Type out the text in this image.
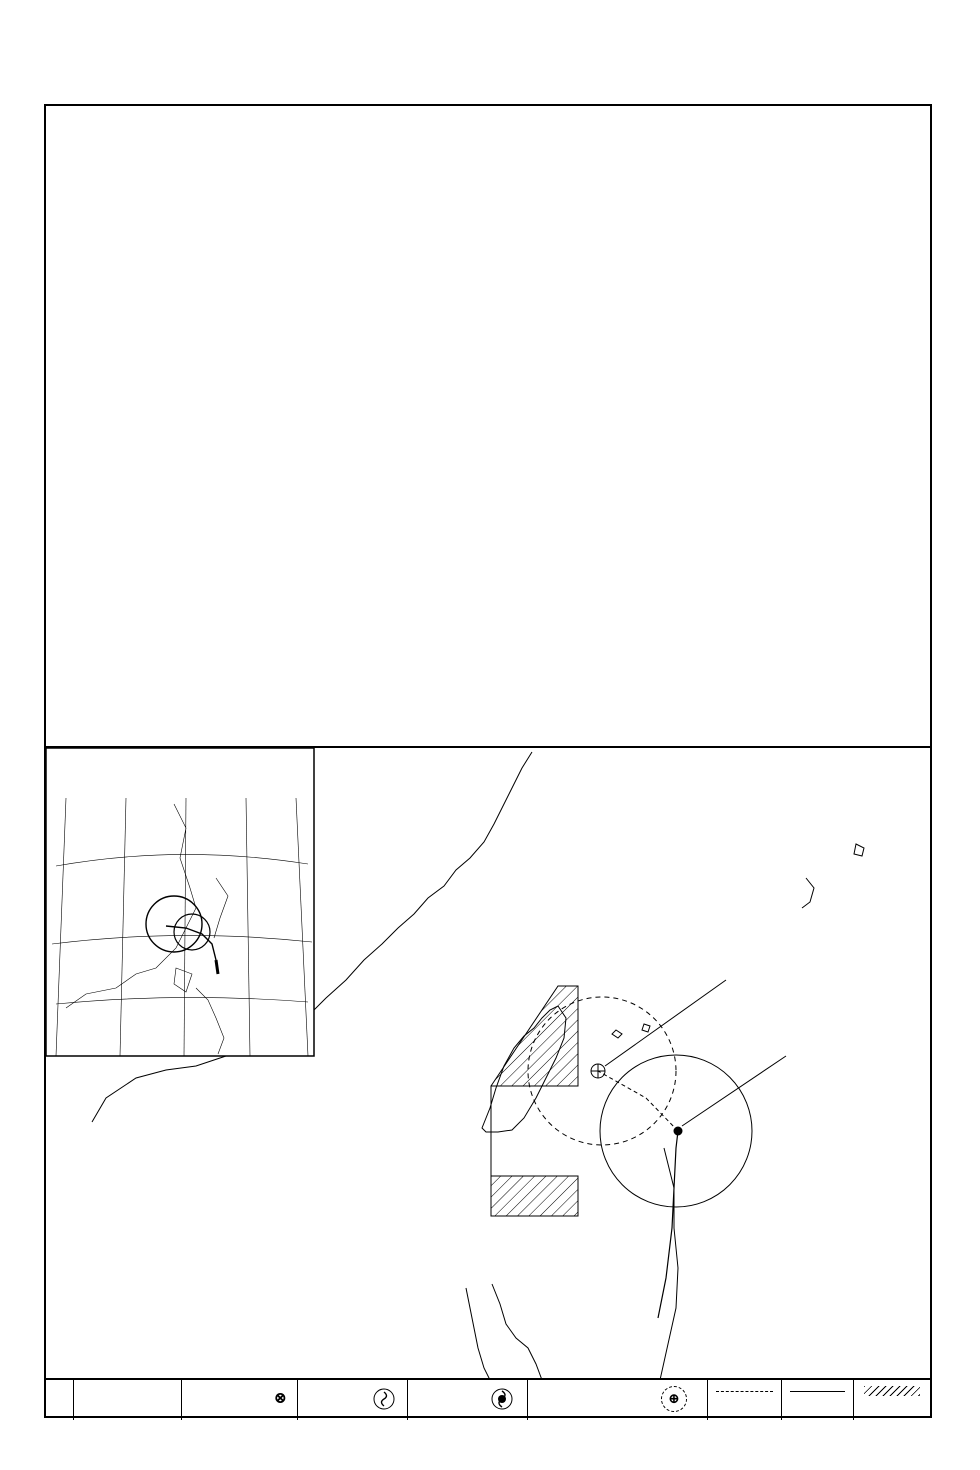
⊗	⊕
